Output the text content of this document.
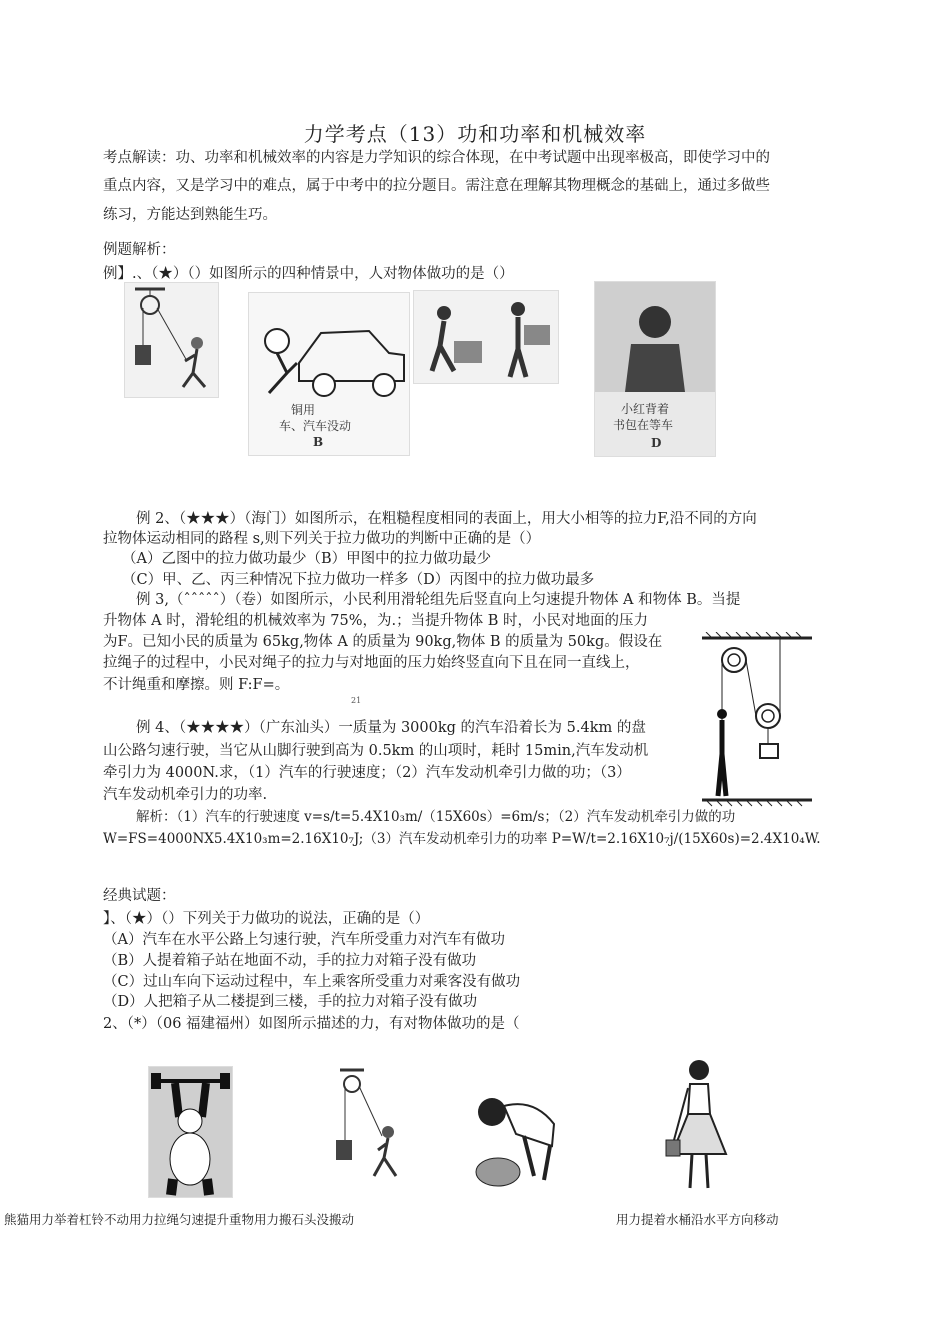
力学考点（13）功和功率和机械效率
考点解读：功、功率和机械效率的内容是力学知识的综合体现，在中考试题中出现率极高，即使学习中的
重点内容，又是学习中的难点，属于中考中的拉分题目。需注意在理解其物理概念的基础上，通过多做些
练习，方能达到熟能生巧。
例题解析：
例】.、（★）（）如图所示的四种情景中，人对物体做功的是（）
铜用
车、汽车没动
B
小红背着
书包在等车
D
例 2、（★★★）（海门）如图所示，在粗糙程度相同的表面上，用大小相等的拉力F,沿不同的方向
拉物体运动相同的路程 s,则下列关于拉力做功的判断中正确的是（）
（A）乙图中的拉力做功最少（B）甲图中的拉力做功最少
（C）甲、乙、丙三种情况下拉力做功一样多（D）丙图中的拉力做功最多
例 3,（ˆˆˆˆˆ）（卷）如图所示，小民利用滑轮组先后竖直向上匀速提升物体 A 和物体 B。当提
升物体 A 时，滑轮组的机械效率为 75%，为.；当提升物体 B 时，小民对地面的压力
为F。已知小民的质量为 65kg,物体 A 的质量为 90kg,物体 B 的质量为 50kg。假设在
拉绳子的过程中，小民对绳子的拉力与对地面的压力始终竖直向下且在同一直线上，
不计绳重和摩擦。则 F:F=。
21
例 4、（★★★★）（广东汕头）一质量为 3000kg 的汽车沿着长为 5.4km 的盘
山公路匀速行驶，当它从山脚行驶到高为 0.5km 的山项时，耗时 15min,汽车发动机
牵引力为 4000N.求，（1）汽车的行驶速度；（2）汽车发动机牵引力做的功；（3）
汽车发动机牵引力的功率.
解析：（1）汽车的行驶速度 v=s/t=5.4X10₃m/（15X60s）=6m/s；（2）汽车发动机牵引力做的功
W=FS=4000NX5.4X10₃m=2.16X10₇J;（3）汽车发动机牵引力的功率 P=W/t=2.16X10₇j/(15X60s)=2.4X10₄W.
经典试题：
】、（★）（）下列关于力做功的说法，正确的是（）
（A）汽车在水平公路上匀速行驶，汽车所受重力对汽车有做功
（B）人提着箱子站在地面不动，手的拉力对箱子没有做功
（C）过山车向下运动过程中，车上乘客所受重力对乘客没有做功
（D）人把箱子从二楼提到三楼，手的拉力对箱子没有做功
2、（*）（06 福建福州）如图所示描述的力，有对物体做功的是（
熊猫用力举着杠铃不动用力拉绳匀速提升重物用力搬石头没搬动	用力提着水桶沿水平方向移动
